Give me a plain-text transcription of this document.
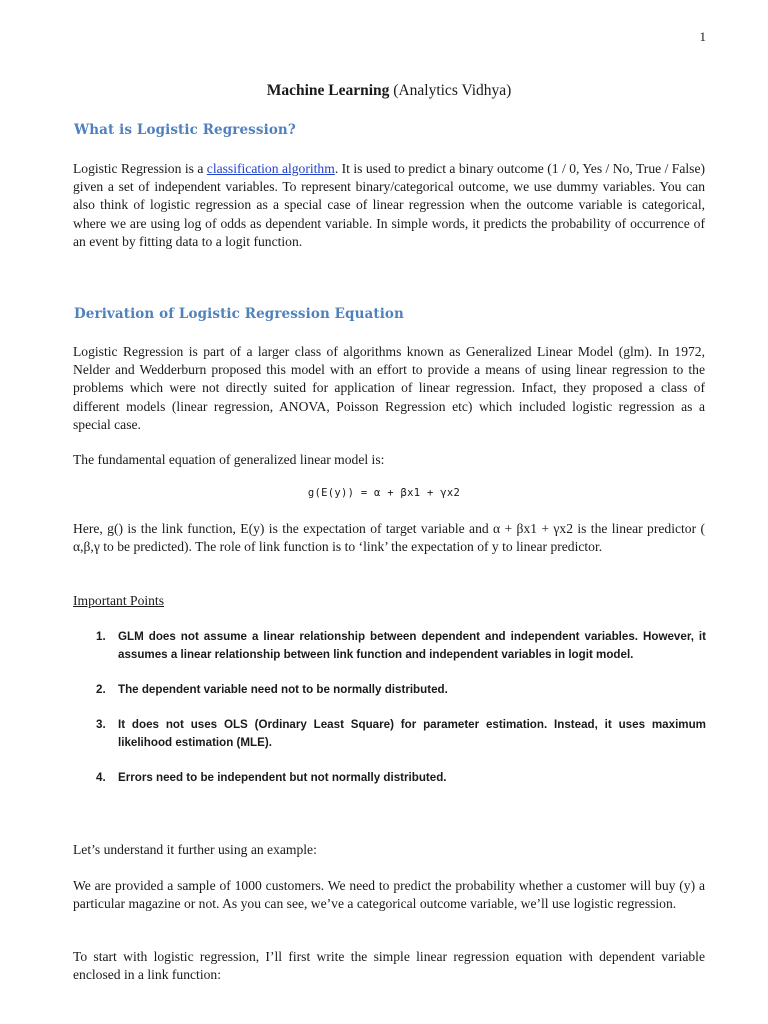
1
Machine Learning (Analytics Vidhya)
What is Logistic Regression?
Logistic Regression is a classification algorithm. It is used to predict a binary outcome (1 / 0, Yes / No, True / False) given a set of independent variables. To represent binary/categorical outcome, we use dummy variables. You can also think of logistic regression as a special case of linear regression when the outcome variable is categorical, where we are using log of odds as dependent variable. In simple words, it predicts the probability of occurrence of an event by fitting data to a logit function.
Derivation of Logistic Regression Equation
Logistic Regression is part of a larger class of algorithms known as Generalized Linear Model (glm). In 1972, Nelder and Wedderburn proposed this model with an effort to provide a means of using linear regression to the problems which were not directly suited for application of linear regression. Infact, they proposed a class of different models (linear regression, ANOVA, Poisson Regression etc) which included logistic regression as a special case.
The fundamental equation of generalized linear model is:
g(E(y)) = α + βx1 + γx2
Here, g() is the link function, E(y) is the expectation of target variable and α + βx1 + γx2 is the linear predictor ( α,β,γ to be predicted). The role of link function is to ‘link’ the expectation of y to linear predictor.
Important Points
1.	GLM does not assume a linear relationship between dependent and independent variables. However, it assumes a linear relationship between link function and independent variables in logit model.
2.	The dependent variable need not to be normally distributed.
3.	It does not uses OLS (Ordinary Least Square) for parameter estimation. Instead, it uses maximum likelihood estimation (MLE).
4.	Errors need to be independent but not normally distributed.
Let’s understand it further using an example:
We are provided a sample of 1000 customers. We need to predict the probability whether a customer will buy (y) a particular magazine or not. As you can see, we’ve a categorical outcome variable, we’ll use logistic regression.
To start with logistic regression, I’ll first write the simple linear regression equation with dependent variable enclosed in a link function:
